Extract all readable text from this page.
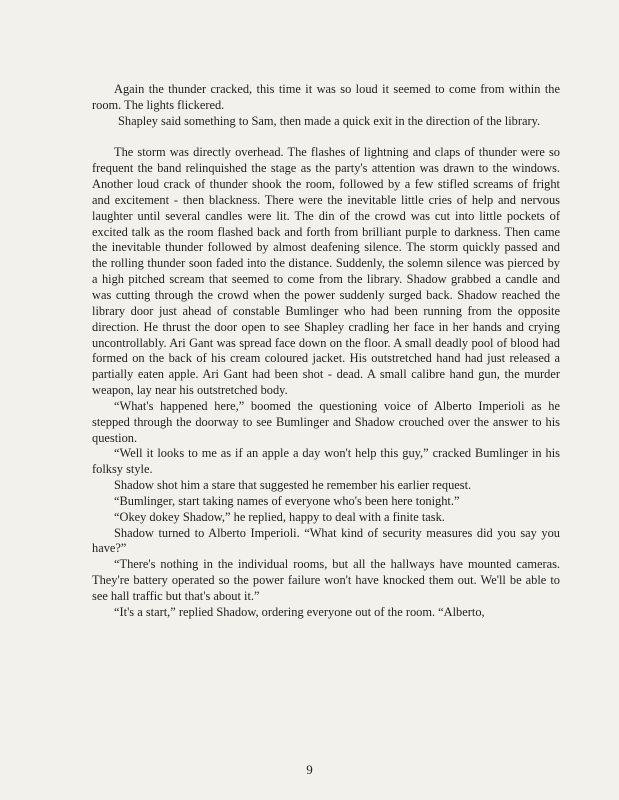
Again the thunder cracked, this time it was so loud it seemed to come from within the room. The lights flickered.

Shapley said something to Sam, then made a quick exit in the direction of the library.

The storm was directly overhead. The flashes of lightning and claps of thunder were so frequent the band relinquished the stage as the party's attention was drawn to the windows. Another loud crack of thunder shook the room, followed by a few stifled screams of fright and excitement - then blackness. There were the inevitable little cries of help and nervous laughter until several candles were lit. The din of the crowd was cut into little pockets of excited talk as the room flashed back and forth from brilliant purple to darkness. Then came the inevitable thunder followed by almost deafening silence. The storm quickly passed and the rolling thunder soon faded into the distance. Suddenly, the solemn silence was pierced by a high pitched scream that seemed to come from the library. Shadow grabbed a candle and was cutting through the crowd when the power suddenly surged back. Shadow reached the library door just ahead of constable Bumlinger who had been running from the opposite direction. He thrust the door open to see Shapley cradling her face in her hands and crying uncontrollably. Ari Gant was spread face down on the floor. A small deadly pool of blood had formed on the back of his cream coloured jacket. His outstretched hand had just released a partially eaten apple. Ari Gant had been shot - dead. A small calibre hand gun, the murder weapon, lay near his outstretched body.

“What's happened here,” boomed the questioning voice of Alberto Imperioli as he stepped through the doorway to see Bumlinger and Shadow crouched over the answer to his question.

“Well it looks to me as if an apple a day won't help this guy,” cracked Bumlinger in his folksy style.

Shadow shot him a stare that suggested he remember his earlier request.

“Bumlinger, start taking names of everyone who's been here tonight.”

“Okey dokey Shadow,” he replied, happy to deal with a finite task.

Shadow turned to Alberto Imperioli. “What kind of security measures did you say you have?”

“There's nothing in the individual rooms, but all the hallways have mounted cameras. They're battery operated so the power failure won't have knocked them out. We'll be able to see hall traffic but that's about it.”

“It's a start,” replied Shadow, ordering everyone out of the room. “Alberto,

9
